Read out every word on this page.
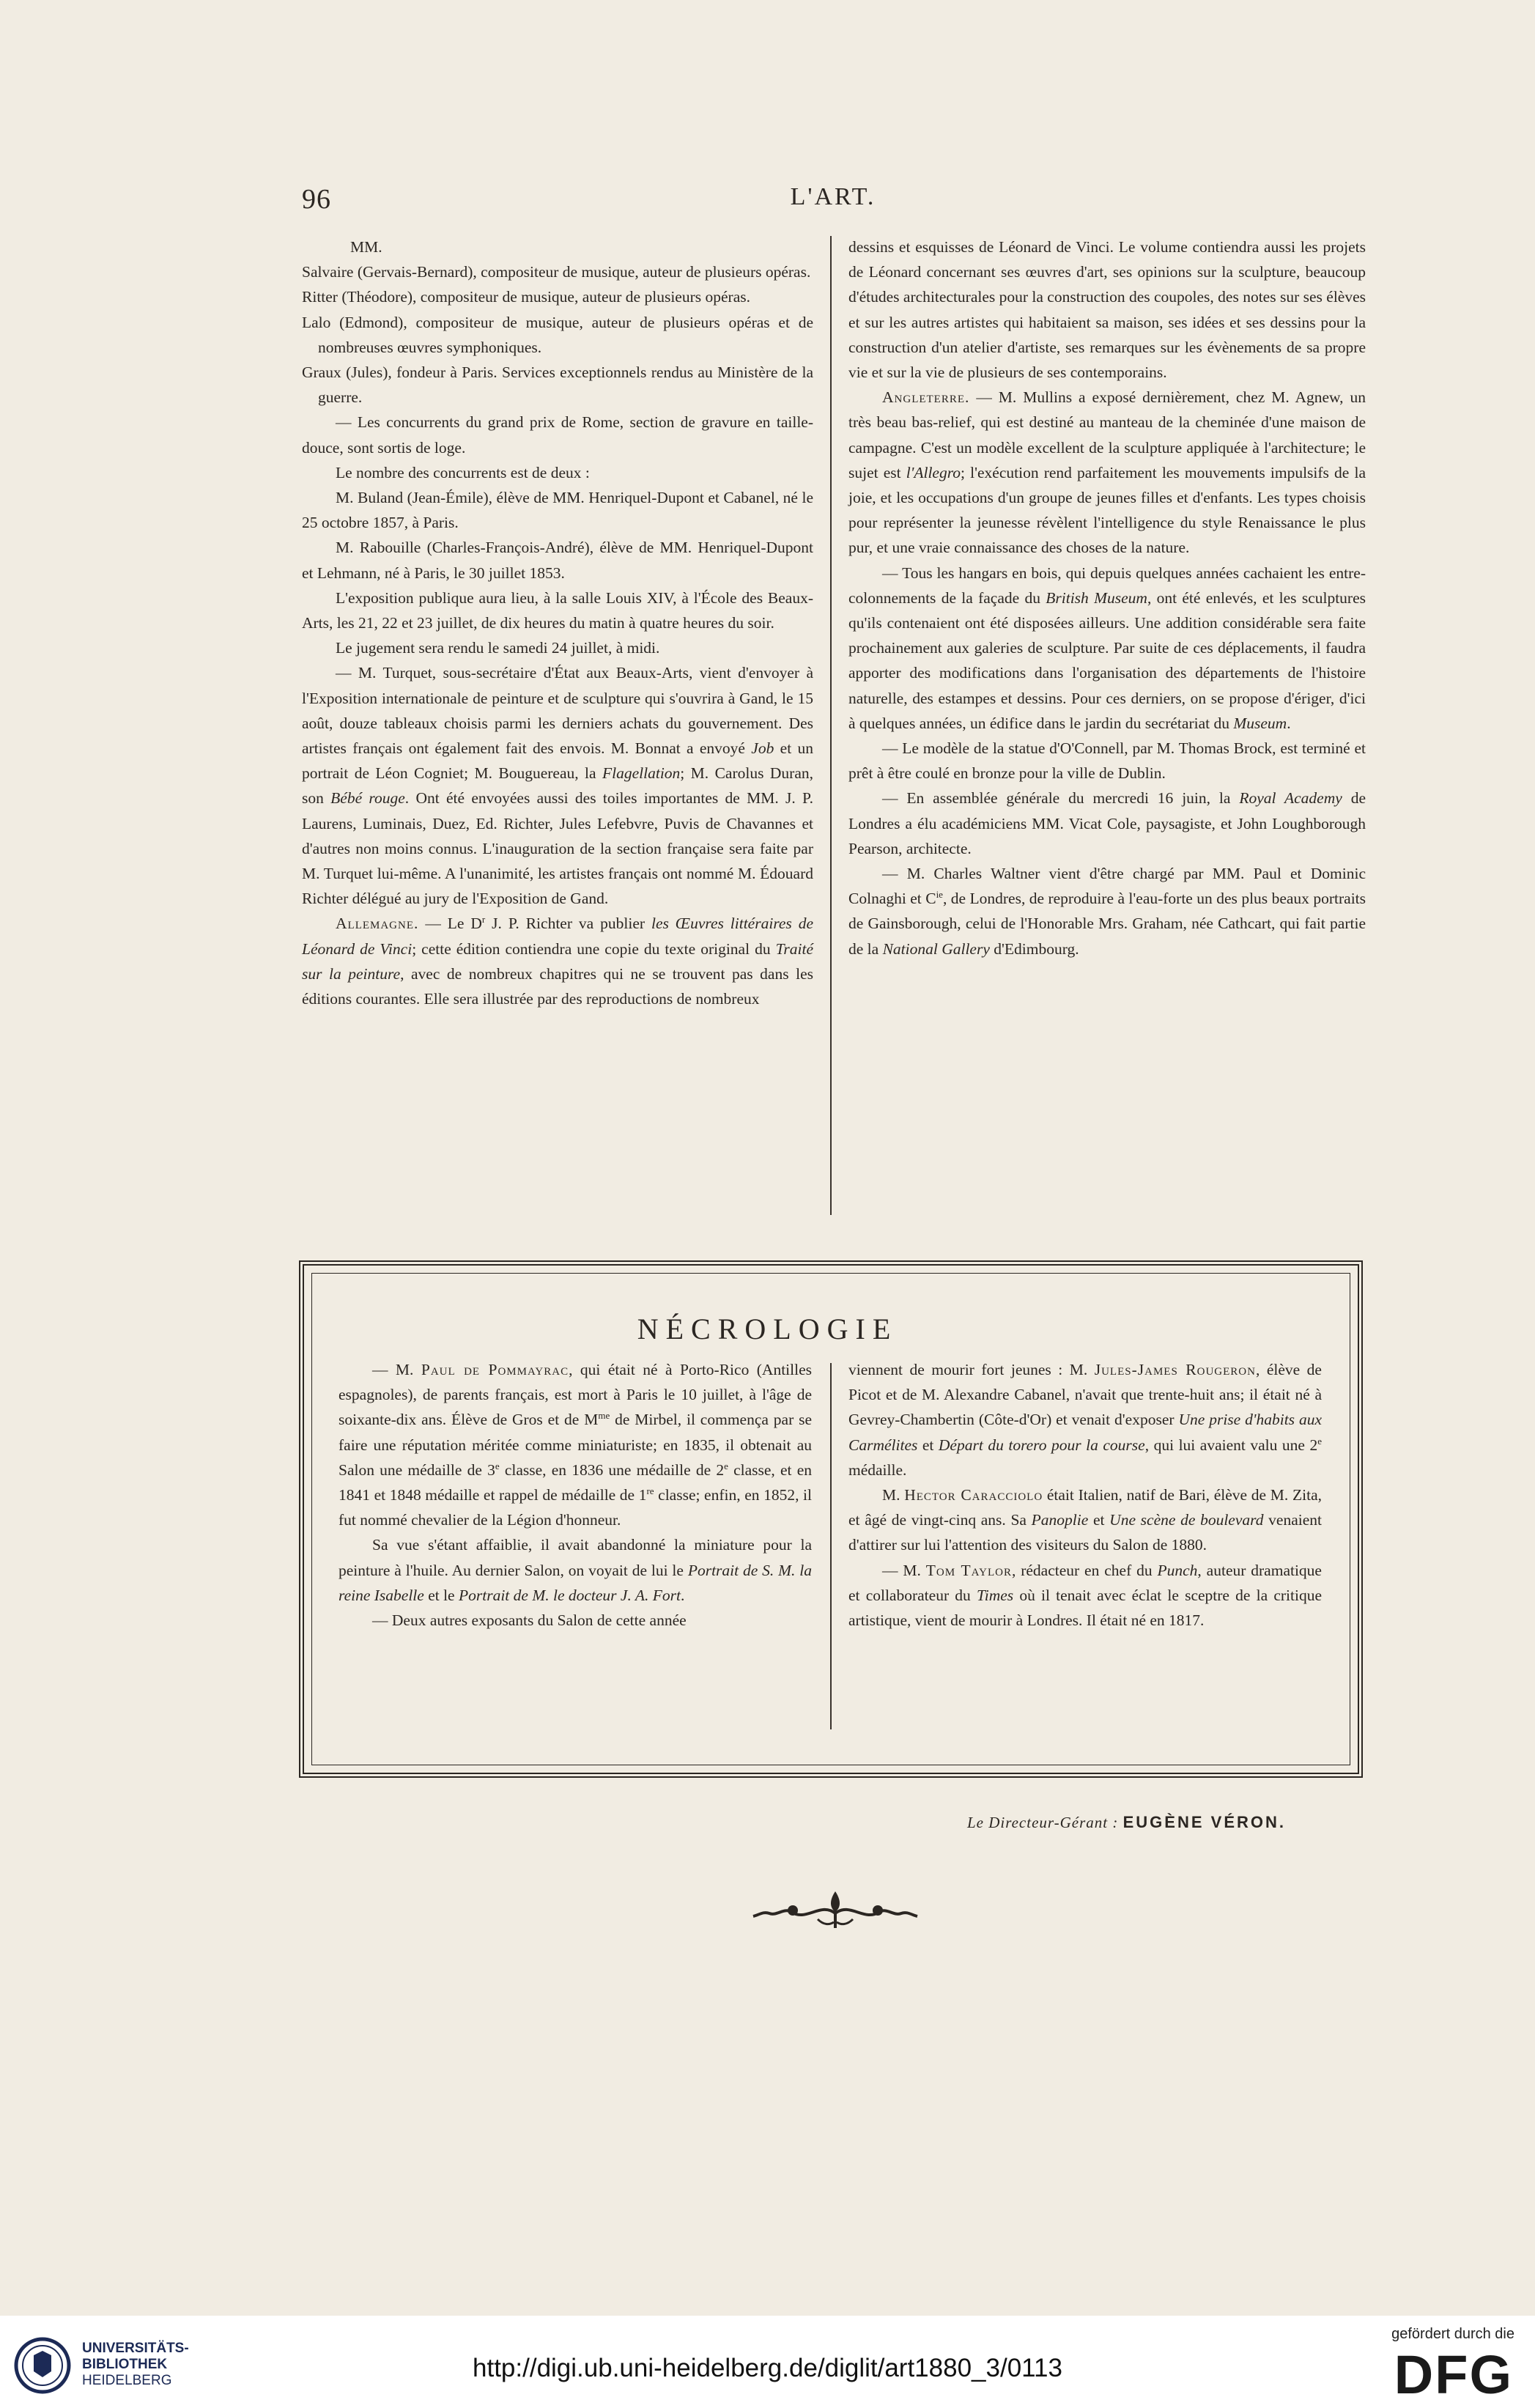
96	L'ART.

MM.

Salvaire (Gervais-Bernard), compositeur de musique, auteur de plusieurs opéras.

Ritter (Théodore), compositeur de musique, auteur de plusieurs opéras.

Lalo (Edmond), compositeur de musique, auteur de plusieurs opéras et de nombreuses œuvres symphoniques.

Graux (Jules), fondeur à Paris. Services exceptionnels rendus au Ministère de la guerre.

— Les concurrents du grand prix de Rome, section de gravure en taille-douce, sont sortis de loge.

Le nombre des concurrents est de deux :

M. Buland (Jean-Émile), élève de MM. Henriquel-Dupont et Cabanel, né le 25 octobre 1857, à Paris.

M. Rabouille (Charles-François-André), élève de MM. Henriquel-Dupont et Lehmann, né à Paris, le 30 juillet 1853.

L'exposition publique aura lieu, à la salle Louis XIV, à l'École des Beaux-Arts, les 21, 22 et 23 juillet, de dix heures du matin à quatre heures du soir.

Le jugement sera rendu le samedi 24 juillet, à midi.

— M. Turquet, sous-secrétaire d'État aux Beaux-Arts, vient d'envoyer à l'Exposition internationale de peinture et de sculpture qui s'ouvrira à Gand, le 15 août, douze tableaux choisis parmi les derniers achats du gouvernement. Des artistes français ont également fait des envois. M. Bonnat a envoyé Job et un portrait de Léon Cogniet; M. Bouguereau, la Flagellation; M. Carolus Duran, son Bébé rouge. Ont été envoyées aussi des toiles importantes de MM. J. P. Laurens, Luminais, Duez, Ed. Richter, Jules Lefebvre, Puvis de Chavannes et d'autres non moins connus. L'inauguration de la section française sera faite par M. Turquet lui-même. A l'unanimité, les artistes français ont nommé M. Édouard Richter délégué au jury de l'Exposition de Gand.

Allemagne. — Le $D^r$ J. P. Richter va publier les Œuvres littéraires de Léonard de Vinci; cette édition contiendra une copie du texte original du Traité sur la peinture, avec de nombreux chapitres qui ne se trouvent pas dans les éditions courantes. Elle sera illustrée par des reproductions de nombreux

dessins et esquisses de Léonard de Vinci. Le volume contiendra aussi les projets de Léonard concernant ses œuvres d'art, ses opinions sur la sculpture, beaucoup d'études architecturales pour la construction des coupoles, des notes sur ses élèves et sur les autres artistes qui habitaient sa maison, ses idées et ses dessins pour la construction d'un atelier d'artiste, ses remarques sur les évènements de sa propre vie et sur la vie de plusieurs de ses contemporains.

Angleterre. — M. Mullins a exposé dernièrement, chez M. Agnew, un très beau bas-relief, qui est destiné au manteau de la cheminée d'une maison de campagne. C'est un modèle excellent de la sculpture appliquée à l'architecture; le sujet est l'Allegro; l'exécution rend parfaitement les mouvements impulsifs de la joie, et les occupations d'un groupe de jeunes filles et d'enfants. Les types choisis pour représenter la jeunesse révèlent l'intelligence du style Renaissance le plus pur, et une vraie connaissance des choses de la nature.

— Tous les hangars en bois, qui depuis quelques années cachaient les entre-colonnements de la façade du British Museum, ont été enlevés, et les sculptures qu'ils contenaient ont été disposées ailleurs. Une addition considérable sera faite prochainement aux galeries de sculpture. Par suite de ces déplacements, il faudra apporter des modifications dans l'organisation des départements de l'histoire naturelle, des estampes et dessins. Pour ces derniers, on se propose d'ériger, d'ici à quelques années, un édifice dans le jardin du secrétariat du Museum.

— Le modèle de la statue d'O'Connell, par M. Thomas Brock, est terminé et prêt à être coulé en bronze pour la ville de Dublin.

— En assemblée générale du mercredi 16 juin, la Royal Academy de Londres a élu académiciens MM. Vicat Cole, paysagiste, et John Loughborough Pearson, architecte.

— M. Charles Waltner vient d'être chargé par MM. Paul et Dominic Colnaghi et $C^{ie}$, de Londres, de reproduire à l'eau-forte un des plus beaux portraits de Gainsborough, celui de l'Honorable Mrs. Graham, née Cathcart, qui fait partie de la National Gallery d'Edimbourg.

NÉCROLOGIE

— M. Paul de Pommayrac, qui était né à Porto-Rico (Antilles espagnoles), de parents français, est mort à Paris le 10 juillet, à l'âge de soixante-dix ans. Élève de Gros et de $M^{me}$ de Mirbel, il commença par se faire une réputation méritée comme miniaturiste; en 1835, il obtenait au Salon une médaille de 3e classe, en 1836 une médaille de 2e classe, et en 1841 et 1848 médaille et rappel de médaille de 1re classe; enfin, en 1852, il fut nommé chevalier de la Légion d'honneur.

Sa vue s'étant affaiblie, il avait abandonné la miniature pour la peinture à l'huile. Au dernier Salon, on voyait de lui le Portrait de S. M. la reine Isabelle et le Portrait de M. le docteur J. A. Fort.

— Deux autres exposants du Salon de cette année

viennent de mourir fort jeunes : M. Jules-James Rougeron, élève de Picot et de M. Alexandre Cabanel, n'avait que trente-huit ans; il était né à Gevrey-Chambertin (Côte-d'Or) et venait d'exposer Une prise d'habits aux Carmélites et Départ du torero pour la course, qui lui avaient valu une 2e médaille.

M. Hector Caracciolo était Italien, natif de Bari, élève de M. Zita, et âgé de vingt-cinq ans. Sa Panoplie et Une scène de boulevard venaient d'attirer sur lui l'attention des visiteurs du Salon de 1880.

— M. Tom Taylor, rédacteur en chef du Punch, auteur dramatique et collaborateur du Times où il tenait avec éclat le sceptre de la critique artistique, vient de mourir à Londres. Il était né en 1817.

Le Directeur-Gérant : EUGÈNE VÉRON.
UNIVERSITÄTS-
BIBLIOTHEK
HEIDELBERG	http://digi.ub.uni-heidelberg.de/diglit/art1880_3/0113
gefördert durch die
DFG
